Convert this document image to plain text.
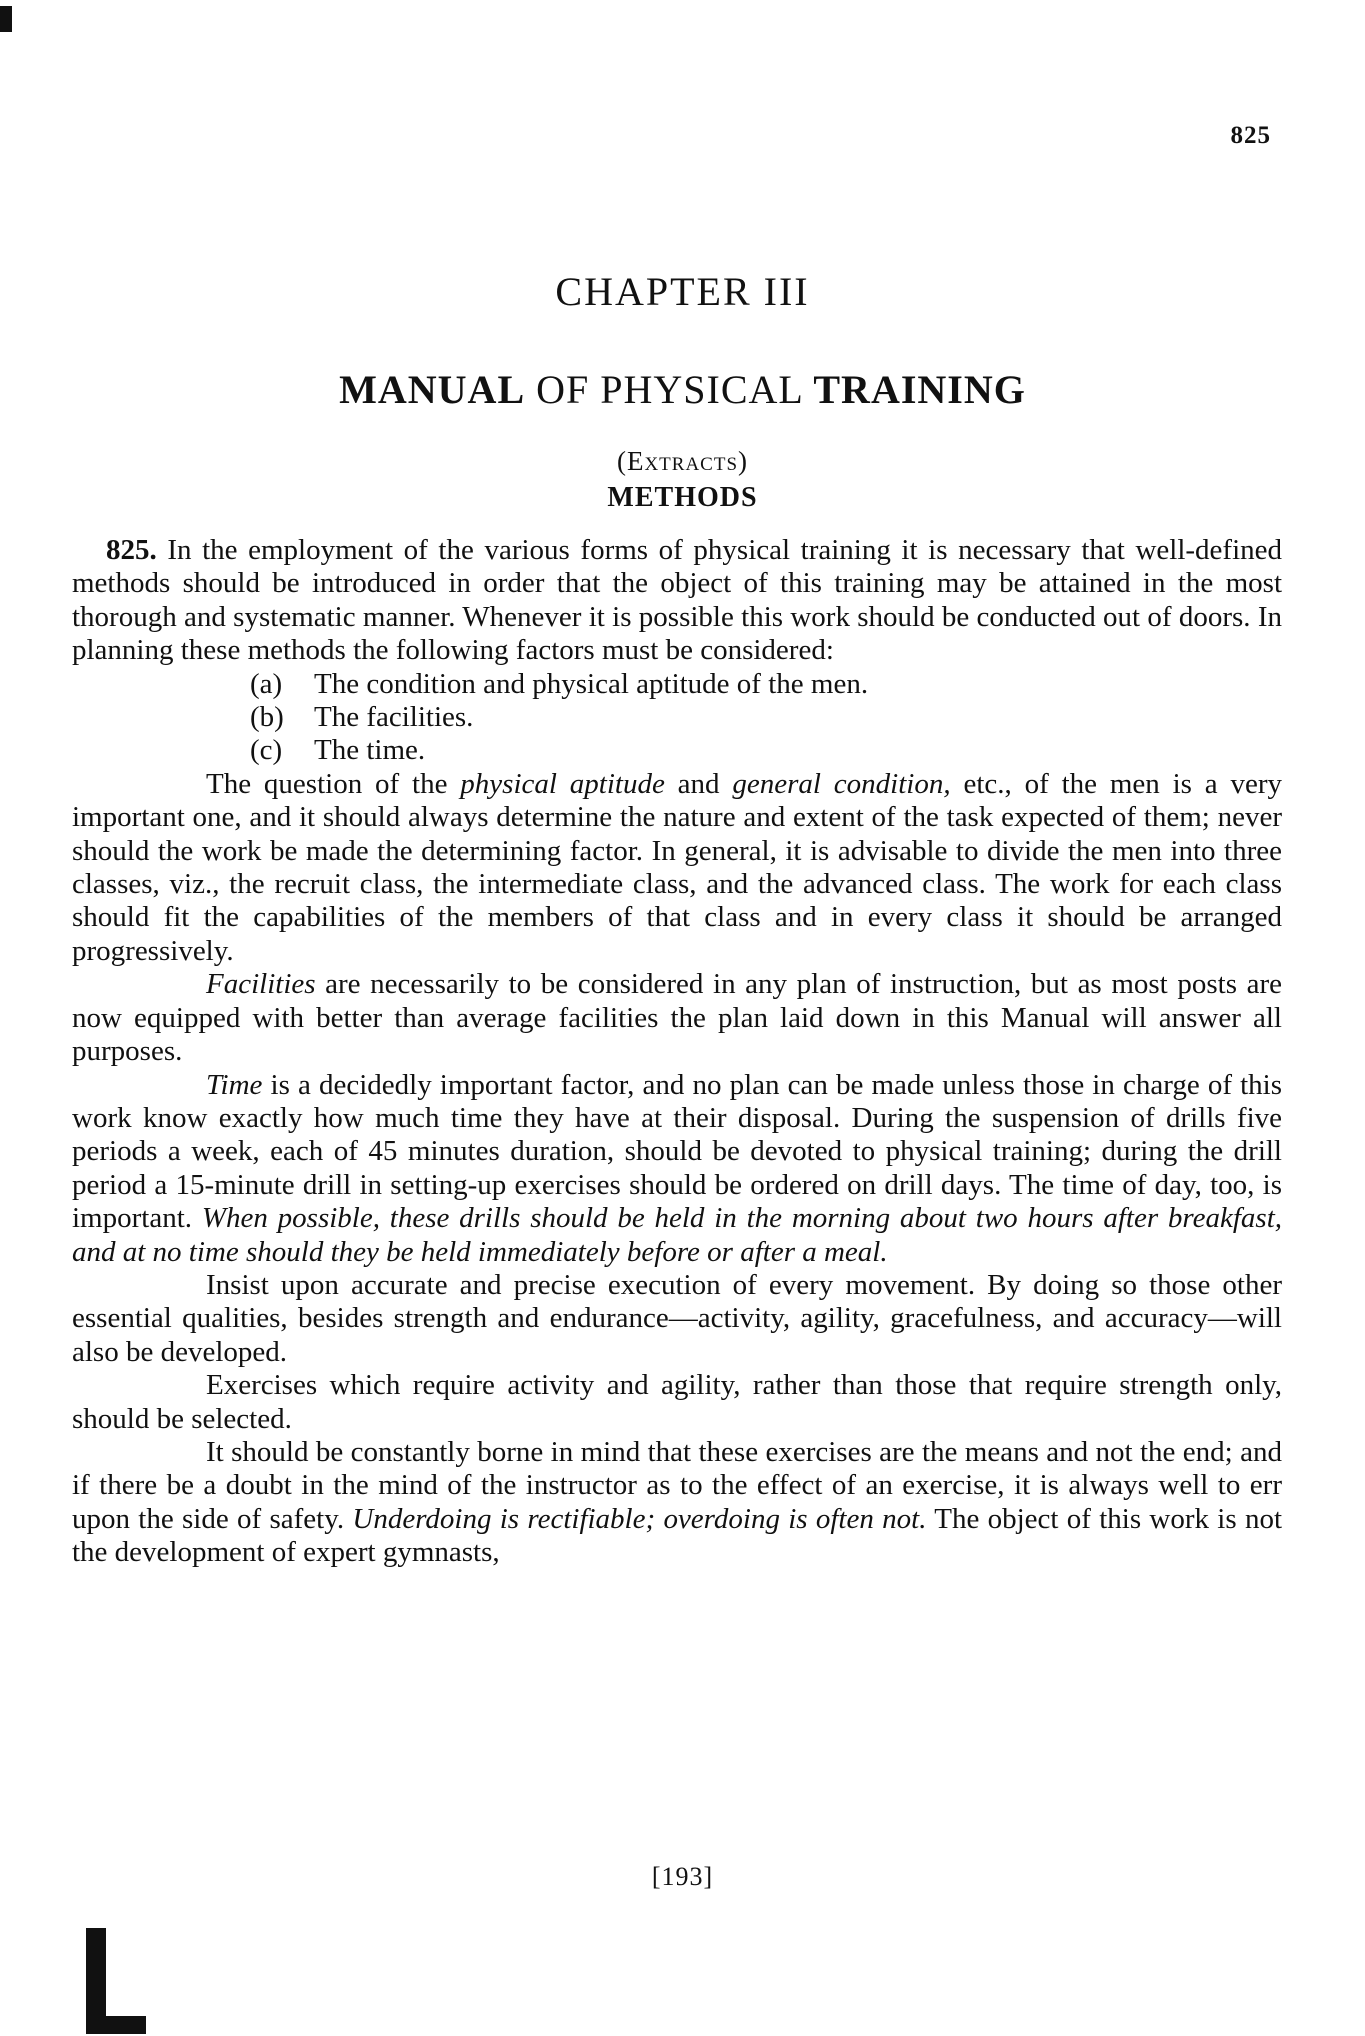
825
CHAPTER III
MANUAL OF PHYSICAL TRAINING
(Extracts)
METHODS

825. In the employment of the various forms of physical training it is necessary that well-defined methods should be introduced in order that the object of this training may be attained in the most thorough and systematic manner. Whenever it is possible this work should be conducted out of doors. In planning these methods the following factors must be considered:

(a) The condition and physical aptitude of the men.

(b) The facilities.

(c) The time.

The question of the physical aptitude and general condition, etc., of the men is a very important one, and it should always determine the nature and extent of the task expected of them; never should the work be made the determining factor. In general, it is advisable to divide the men into three classes, viz., the recruit class, the intermediate class, and the advanced class. The work for each class should fit the capabilities of the members of that class and in every class it should be arranged progressively.

Facilities are necessarily to be considered in any plan of instruction, but as most posts are now equipped with better than average facilities the plan laid down in this Manual will answer all purposes.

Time is a decidedly important factor, and no plan can be made unless those in charge of this work know exactly how much time they have at their disposal. During the suspension of drills five periods a week, each of 45 minutes duration, should be devoted to physical training; during the drill period a 15-minute drill in setting-up exercises should be ordered on drill days. The time of day, too, is important. When possible, these drills should be held in the morning about two hours after breakfast, and at no time should they be held immediately before or after a meal.

Insist upon accurate and precise execution of every movement. By doing so those other essential qualities, besides strength and endurance—activity, agility, gracefulness, and accuracy—will also be developed.

Exercises which require activity and agility, rather than those that require strength only, should be selected.

It should be constantly borne in mind that these exercises are the means and not the end; and if there be a doubt in the mind of the instructor as to the effect of an exercise, it is always well to err upon the side of safety. Underdoing is rectifiable; overdoing is often not. The object of this work is not the development of expert gymnasts,

[193]
